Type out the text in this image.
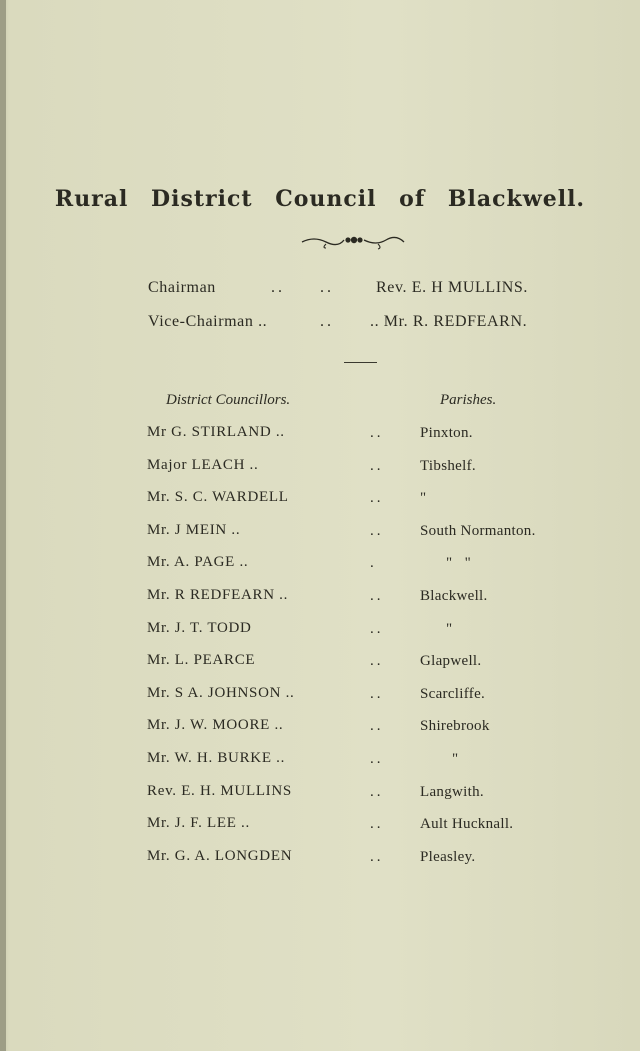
Rural District Council of Blackwell.
Chairman	.. ..	Rev. E. H MULLINS.
Vice-Chairman ..	.. .. Mr. R. REDFEARN.
District Councillors.	Parishes.
Mr G. STIRLAND ..	.. Pinxton.
Major LEACH ..	.. Tibshelf.
Mr. S. C. WARDELL	.. "
Mr. J MEIN ..	.. South Normanton.
Mr. A. PAGE ..	.	"   "
Mr. R REDFEARN ..	.. Blackwell.
Mr. J. T. TODD	..	"
Mr. L. PEARCE	.. Glapwell.
Mr. S A. JOHNSON ..	.. Scarcliffe.
Mr. J. W. MOORE ..	.. Shirebrook
Mr. W. H. BURKE ..	..	"
Rev. E. H. MULLINS	.. Langwith.
Mr. J. F. LEE ..	.. Ault Hucknall.
Mr. G. A. LONGDEN	.. Pleasley.
